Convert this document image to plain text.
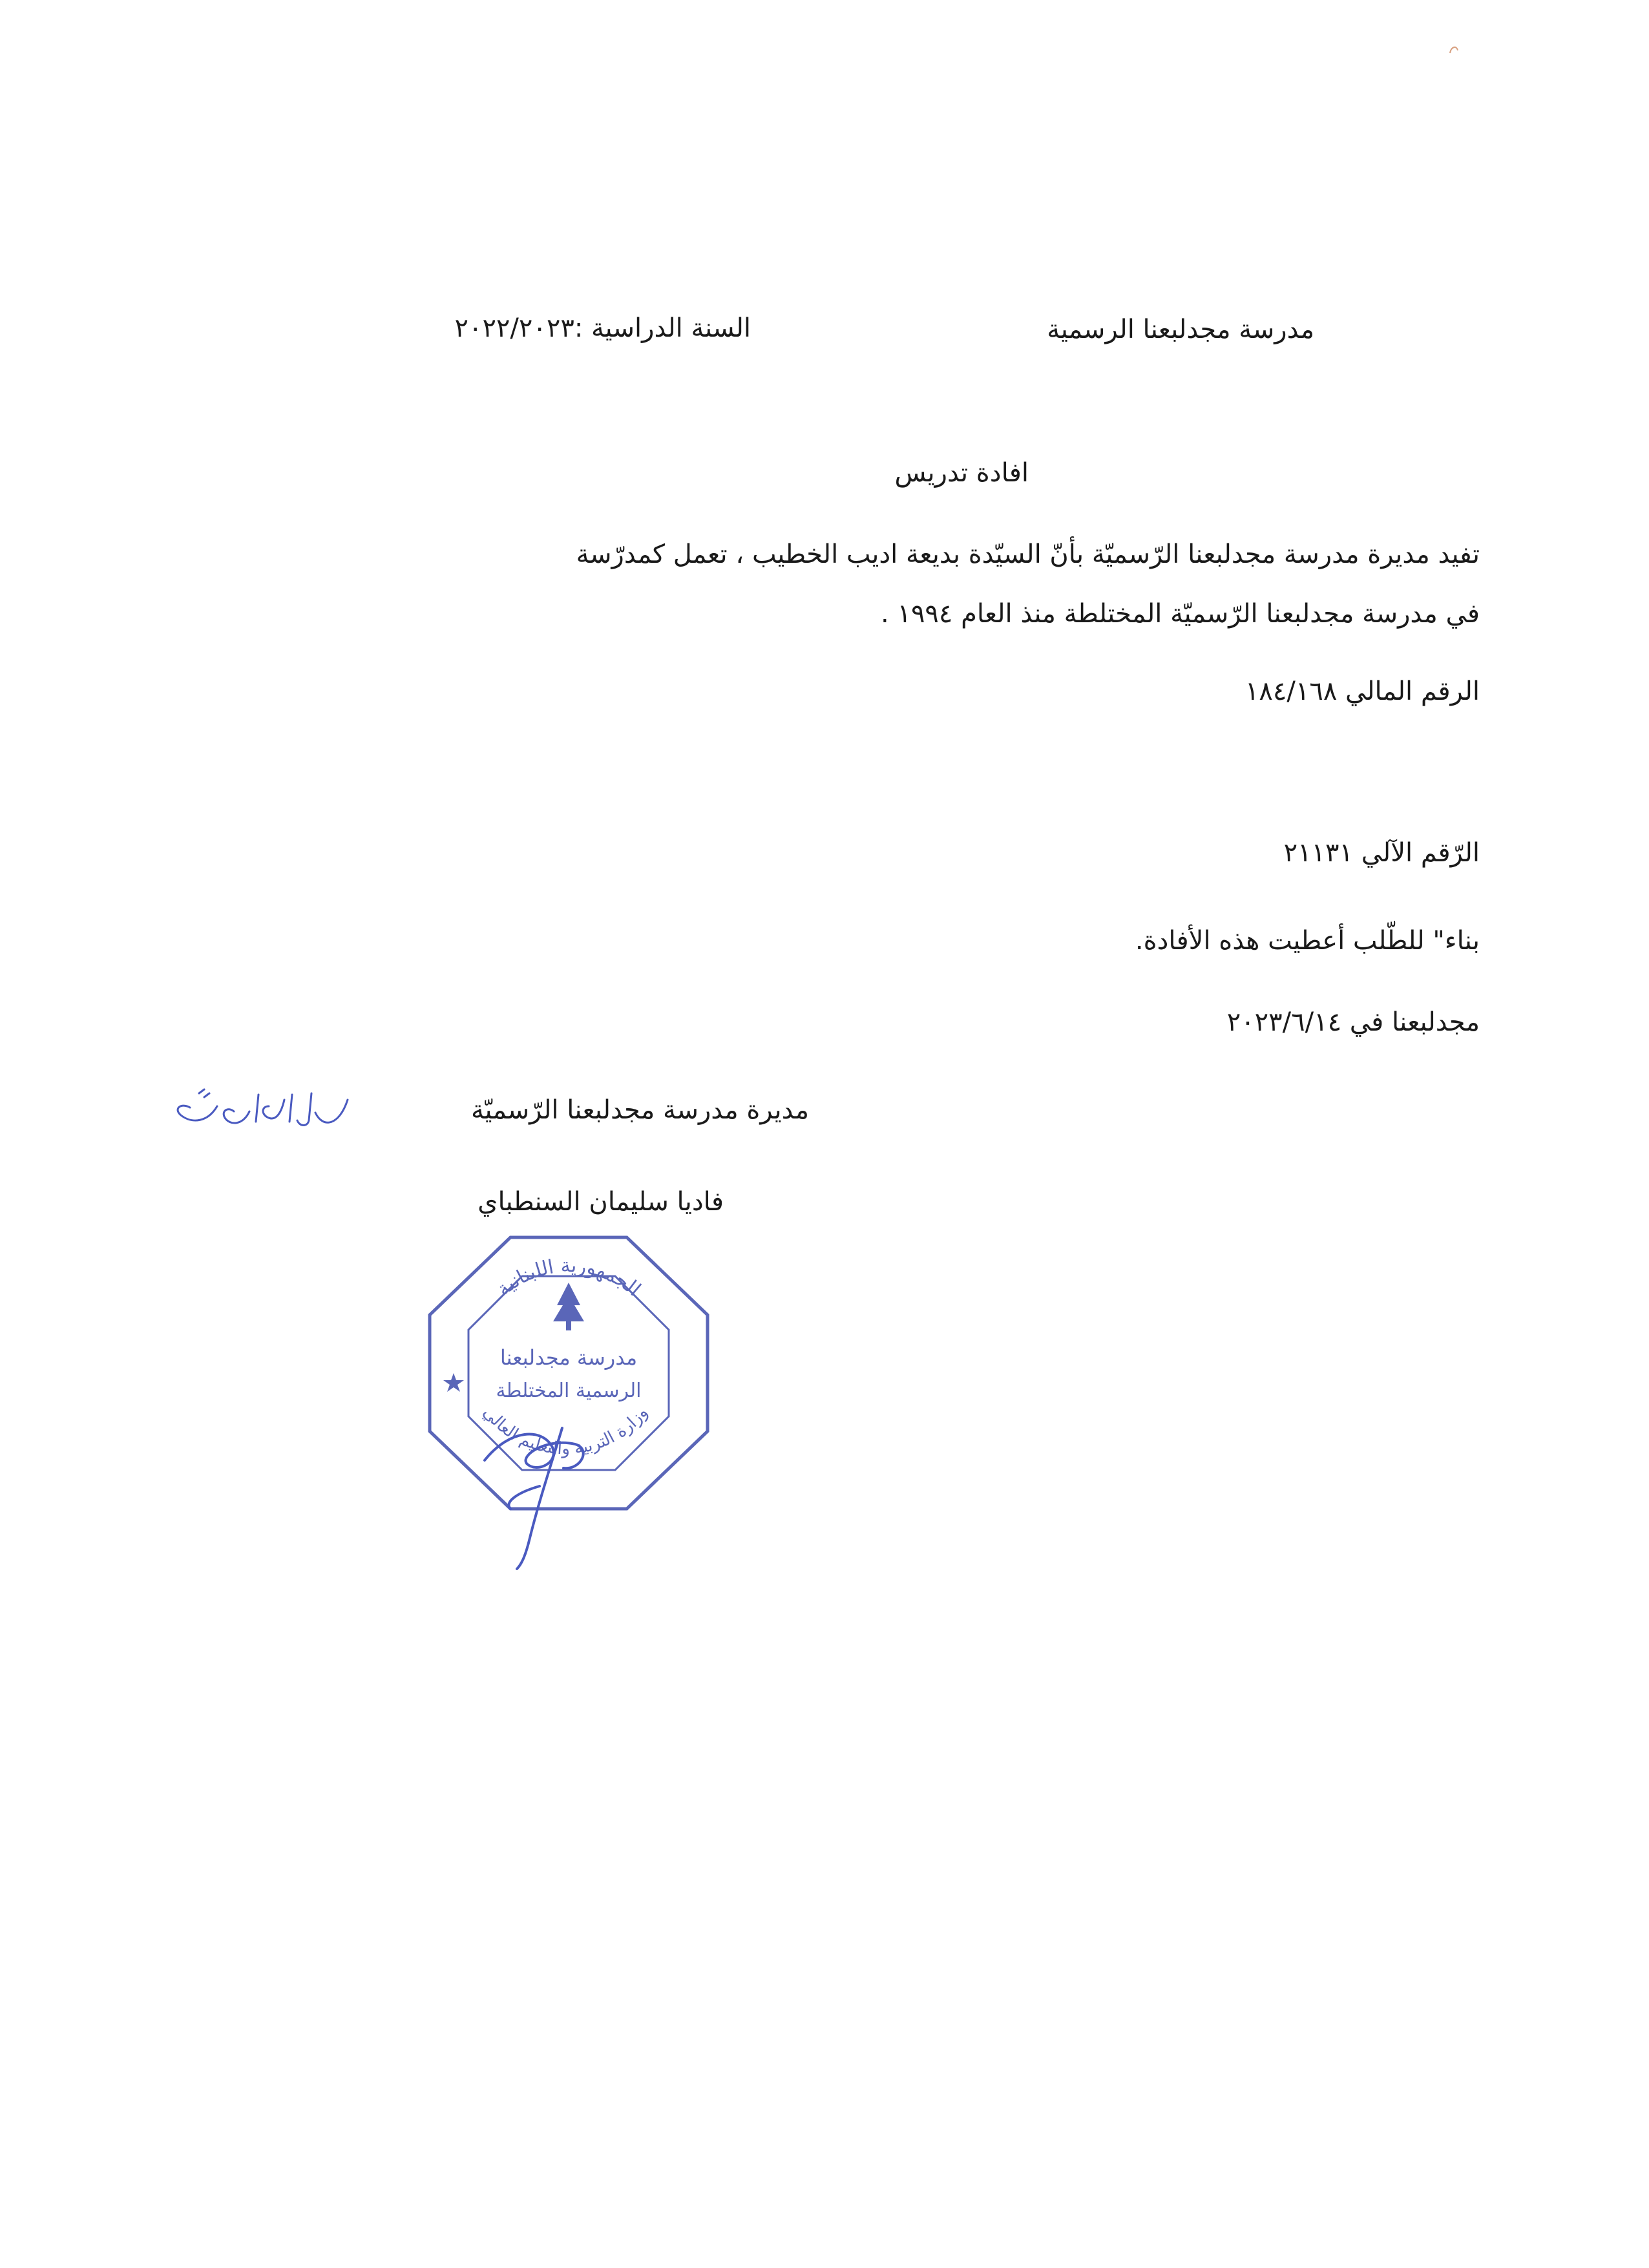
مدرسة مجدلبعنا الرسمية
السنة الدراسية :٢٠٢٢/٢٠٢٣
افادة تدريس
تفيد مديرة مدرسة مجدلبعنا الرّسميّة بأنّ السيّدة بديعة اديب الخطيب ، تعمل كمدرّسة
في مدرسة مجدلبعنا الرّسميّة المختلطة منذ العام ١٩٩٤ .
الرقم المالي ١٨٤/١٦٨
الرّقم الآلي ٢١١٣١
بناء" للطّلب أعطيت هذه الأفادة.
مجدلبعنا في ٢٠٢٣/٦/١٤
مديرة مدرسة مجدلبعنا الرّسميّة
فاديا سليمان السنطباي
الجمهورية اللبنانية
مدرسة مجدلبعنا
الرسمية المختلطة
وزارة التربية والتعليم العالي
